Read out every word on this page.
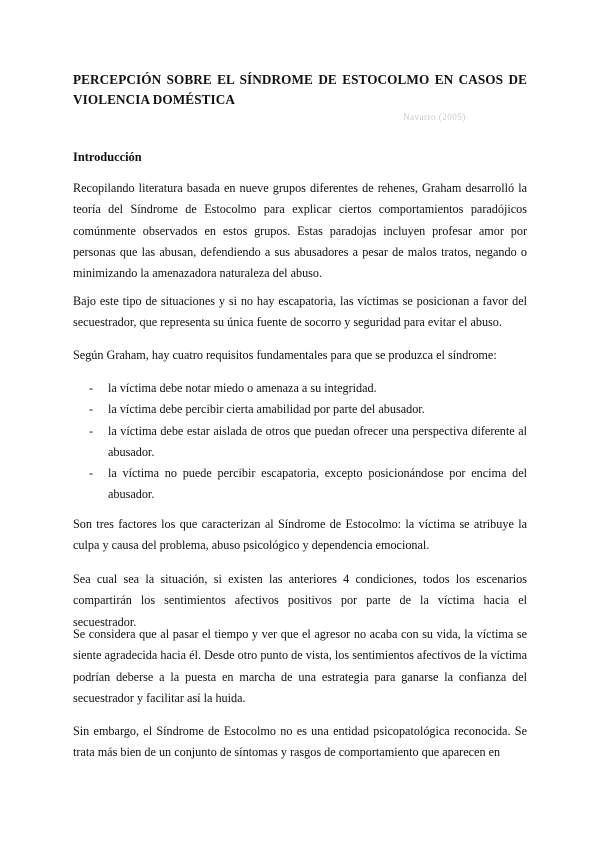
PERCEPCIÓN SOBRE EL SÍNDROME DE ESTOCOLMO EN CASOS DE VIOLENCIA DOMÉSTICA
Navarro (2005)
Introducción

Recopilando literatura basada en nueve grupos diferentes de rehenes, Graham desarrolló la teoría del Síndrome de Estocolmo para explicar ciertos comportamientos paradójicos comúnmente observados en estos grupos. Estas paradojas incluyen profesar amor por personas que las abusan, defendiendo a sus abusadores a pesar de malos tratos, negando o minimizando la amenazadora naturaleza del abuso.

Bajo este tipo de situaciones y si no hay escapatoria, las víctimas se posicionan a favor del secuestrador, que representa su única fuente de socorro y seguridad para evitar el abuso.

Según Graham, hay cuatro requisitos fundamentales para que se produzca el síndrome:

- la víctima debe notar miedo o amenaza a su integridad.
- la víctima debe percibir cierta amabilidad por parte del abusador.
- la víctima debe estar aislada de otros que puedan ofrecer una perspectiva diferente al abusador.
- la víctima no puede percibir escapatoria, excepto posicionándose por encima del abusador.

Son tres factores los que caracterizan al Síndrome de Estocolmo: la víctima se atribuye la culpa y causa del problema, abuso psicológico y dependencia emocional.

Sea cual sea la situación, si existen las anteriores 4 condiciones, todos los escenarios compartirán los sentimientos afectivos positivos por parte de la víctima hacia el secuestrador.

Se considera que al pasar el tiempo y ver que el agresor no acaba con su vida, la víctima se siente agradecida hacia él. Desde otro punto de vista, los sentimientos afectivos de la víctima podrían deberse a la puesta en marcha de una estrategia para ganarse la confianza del secuestrador y facilitar así la huida.

Sin embargo, el Síndrome de Estocolmo no es una entidad psicopatológica reconocida. Se trata más bien de un conjunto de síntomas y rasgos de comportamiento que aparecen en
